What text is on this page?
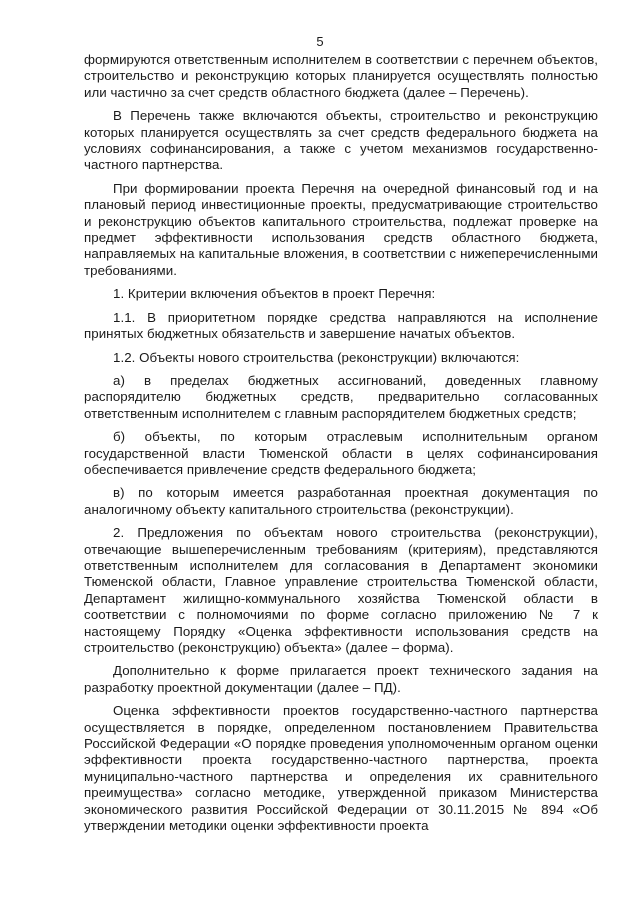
5

формируются ответственным исполнителем в соответствии с перечнем объектов, строительство и реконструкцию которых планируется осуществлять полностью или частично за счет средств областного бюджета (далее – Перечень).

В Перечень также включаются объекты, строительство и реконструкцию которых планируется осуществлять за счет средств федерального бюджета на условиях софинансирования, а также с учетом механизмов государственно-частного партнерства.

При формировании проекта Перечня на очередной финансовый год и на плановый период инвестиционные проекты, предусматривающие строительство и реконструкцию объектов капитального строительства, подлежат проверке на предмет эффективности использования средств областного бюджета, направляемых на капитальные вложения, в соответствии с нижеперечисленными требованиями.

1. Критерии включения объектов в проект Перечня:

1.1. В приоритетном порядке средства направляются на исполнение принятых бюджетных обязательств и завершение начатых объектов.

1.2. Объекты нового строительства (реконструкции) включаются:

а) в пределах бюджетных ассигнований, доведенных главному распорядителю бюджетных средств, предварительно согласованных ответственным исполнителем с главным распорядителем бюджетных средств;

б) объекты, по которым отраслевым исполнительным органом государственной власти Тюменской области в целях софинансирования обеспечивается привлечение средств федерального бюджета;

в) по которым имеется разработанная проектная документация по аналогичному объекту капитального строительства (реконструкции).

2. Предложения по объектам нового строительства (реконструкции), отвечающие вышеперечисленным требованиям (критериям), представляются ответственным исполнителем для согласования в Департамент экономики Тюменской области, Главное управление строительства Тюменской области, Департамент жилищно-коммунального хозяйства Тюменской области в соответствии с полномочиями по форме согласно приложению № 7 к настоящему Порядку «Оценка эффективности использования средств на строительство (реконструкцию) объекта» (далее – форма).

Дополнительно к форме прилагается проект технического задания на разработку проектной документации (далее – ПД).

Оценка эффективности проектов государственно-частного партнерства осуществляется в порядке, определенном постановлением Правительства Российской Федерации «О порядке проведения уполномоченным органом оценки эффективности проекта государственно-частного партнерства, проекта муниципально-частного партнерства и определения их сравнительного преимущества» согласно методике, утвержденной приказом Министерства экономического развития Российской Федерации от 30.11.2015 № 894 «Об утверждении методики оценки эффективности проекта
